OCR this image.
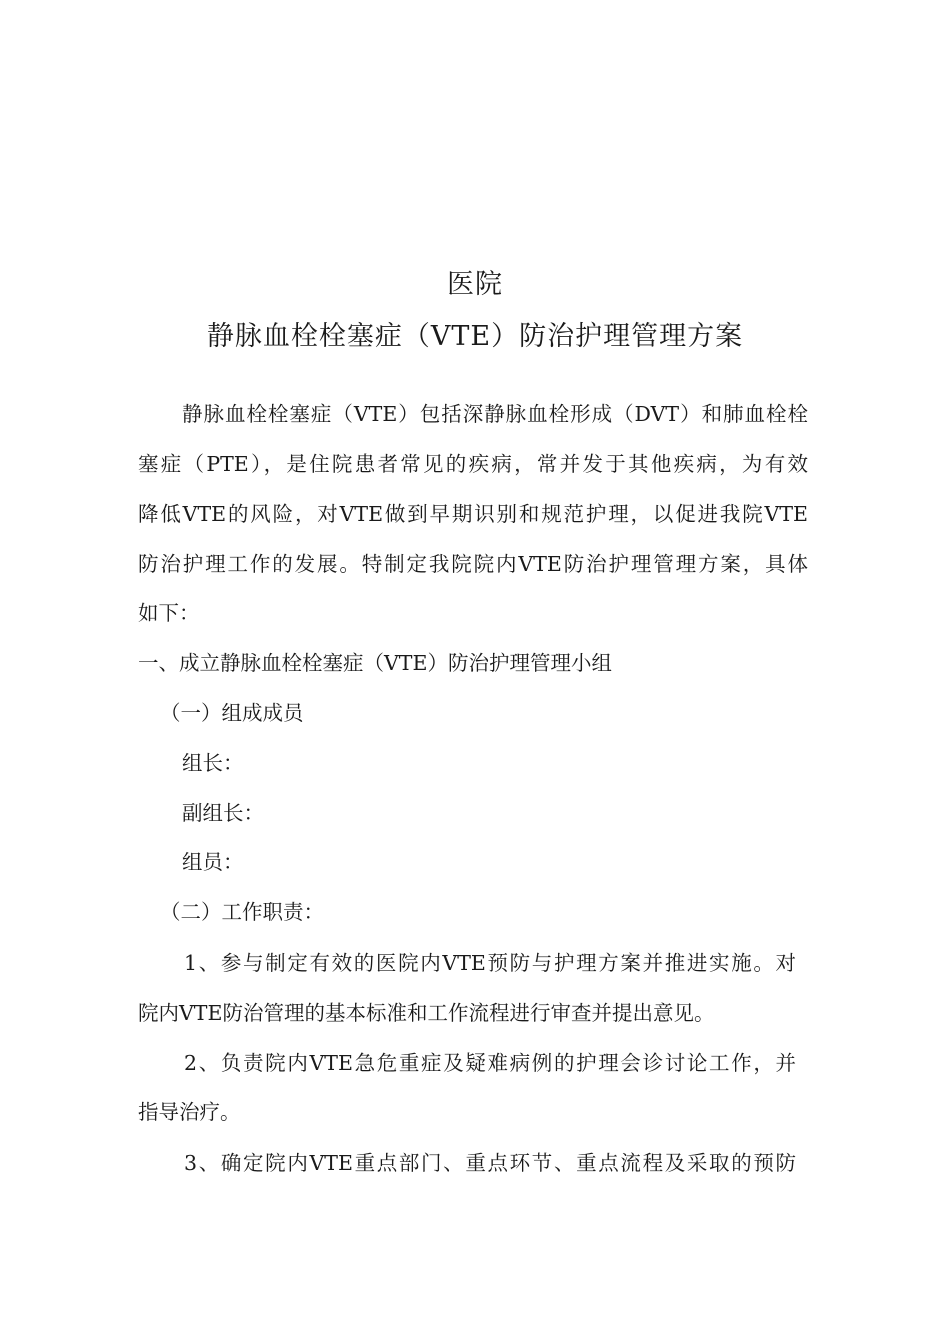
医院
静脉血栓栓塞症（VTE）防治护理管理方案
静脉血栓栓塞症（VTE）包括深静脉血栓形成（DVT）和肺血栓栓
塞症（PTE），是住院患者常见的疾病，常并发于其他疾病，为有效
降低VTE的风险，对VTE做到早期识别和规范护理，以促进我院VTE
防治护理工作的发展。特制定我院院内VTE防治护理管理方案，具体
如下：
一、成立静脉血栓栓塞症（VTE）防治护理管理小组
（一）组成成员
组长：
副组长：
组员：
（二）工作职责：
1、参与制定有效的医院内VTE预防与护理方案并推进实施。对
院内VTE防治管理的基本标准和工作流程进行审查并提出意见。
2、负责院内VTE急危重症及疑难病例的护理会诊讨论工作，并
指导治疗。
3、确定院内VTE重点部门、重点环节、重点流程及采取的预防
